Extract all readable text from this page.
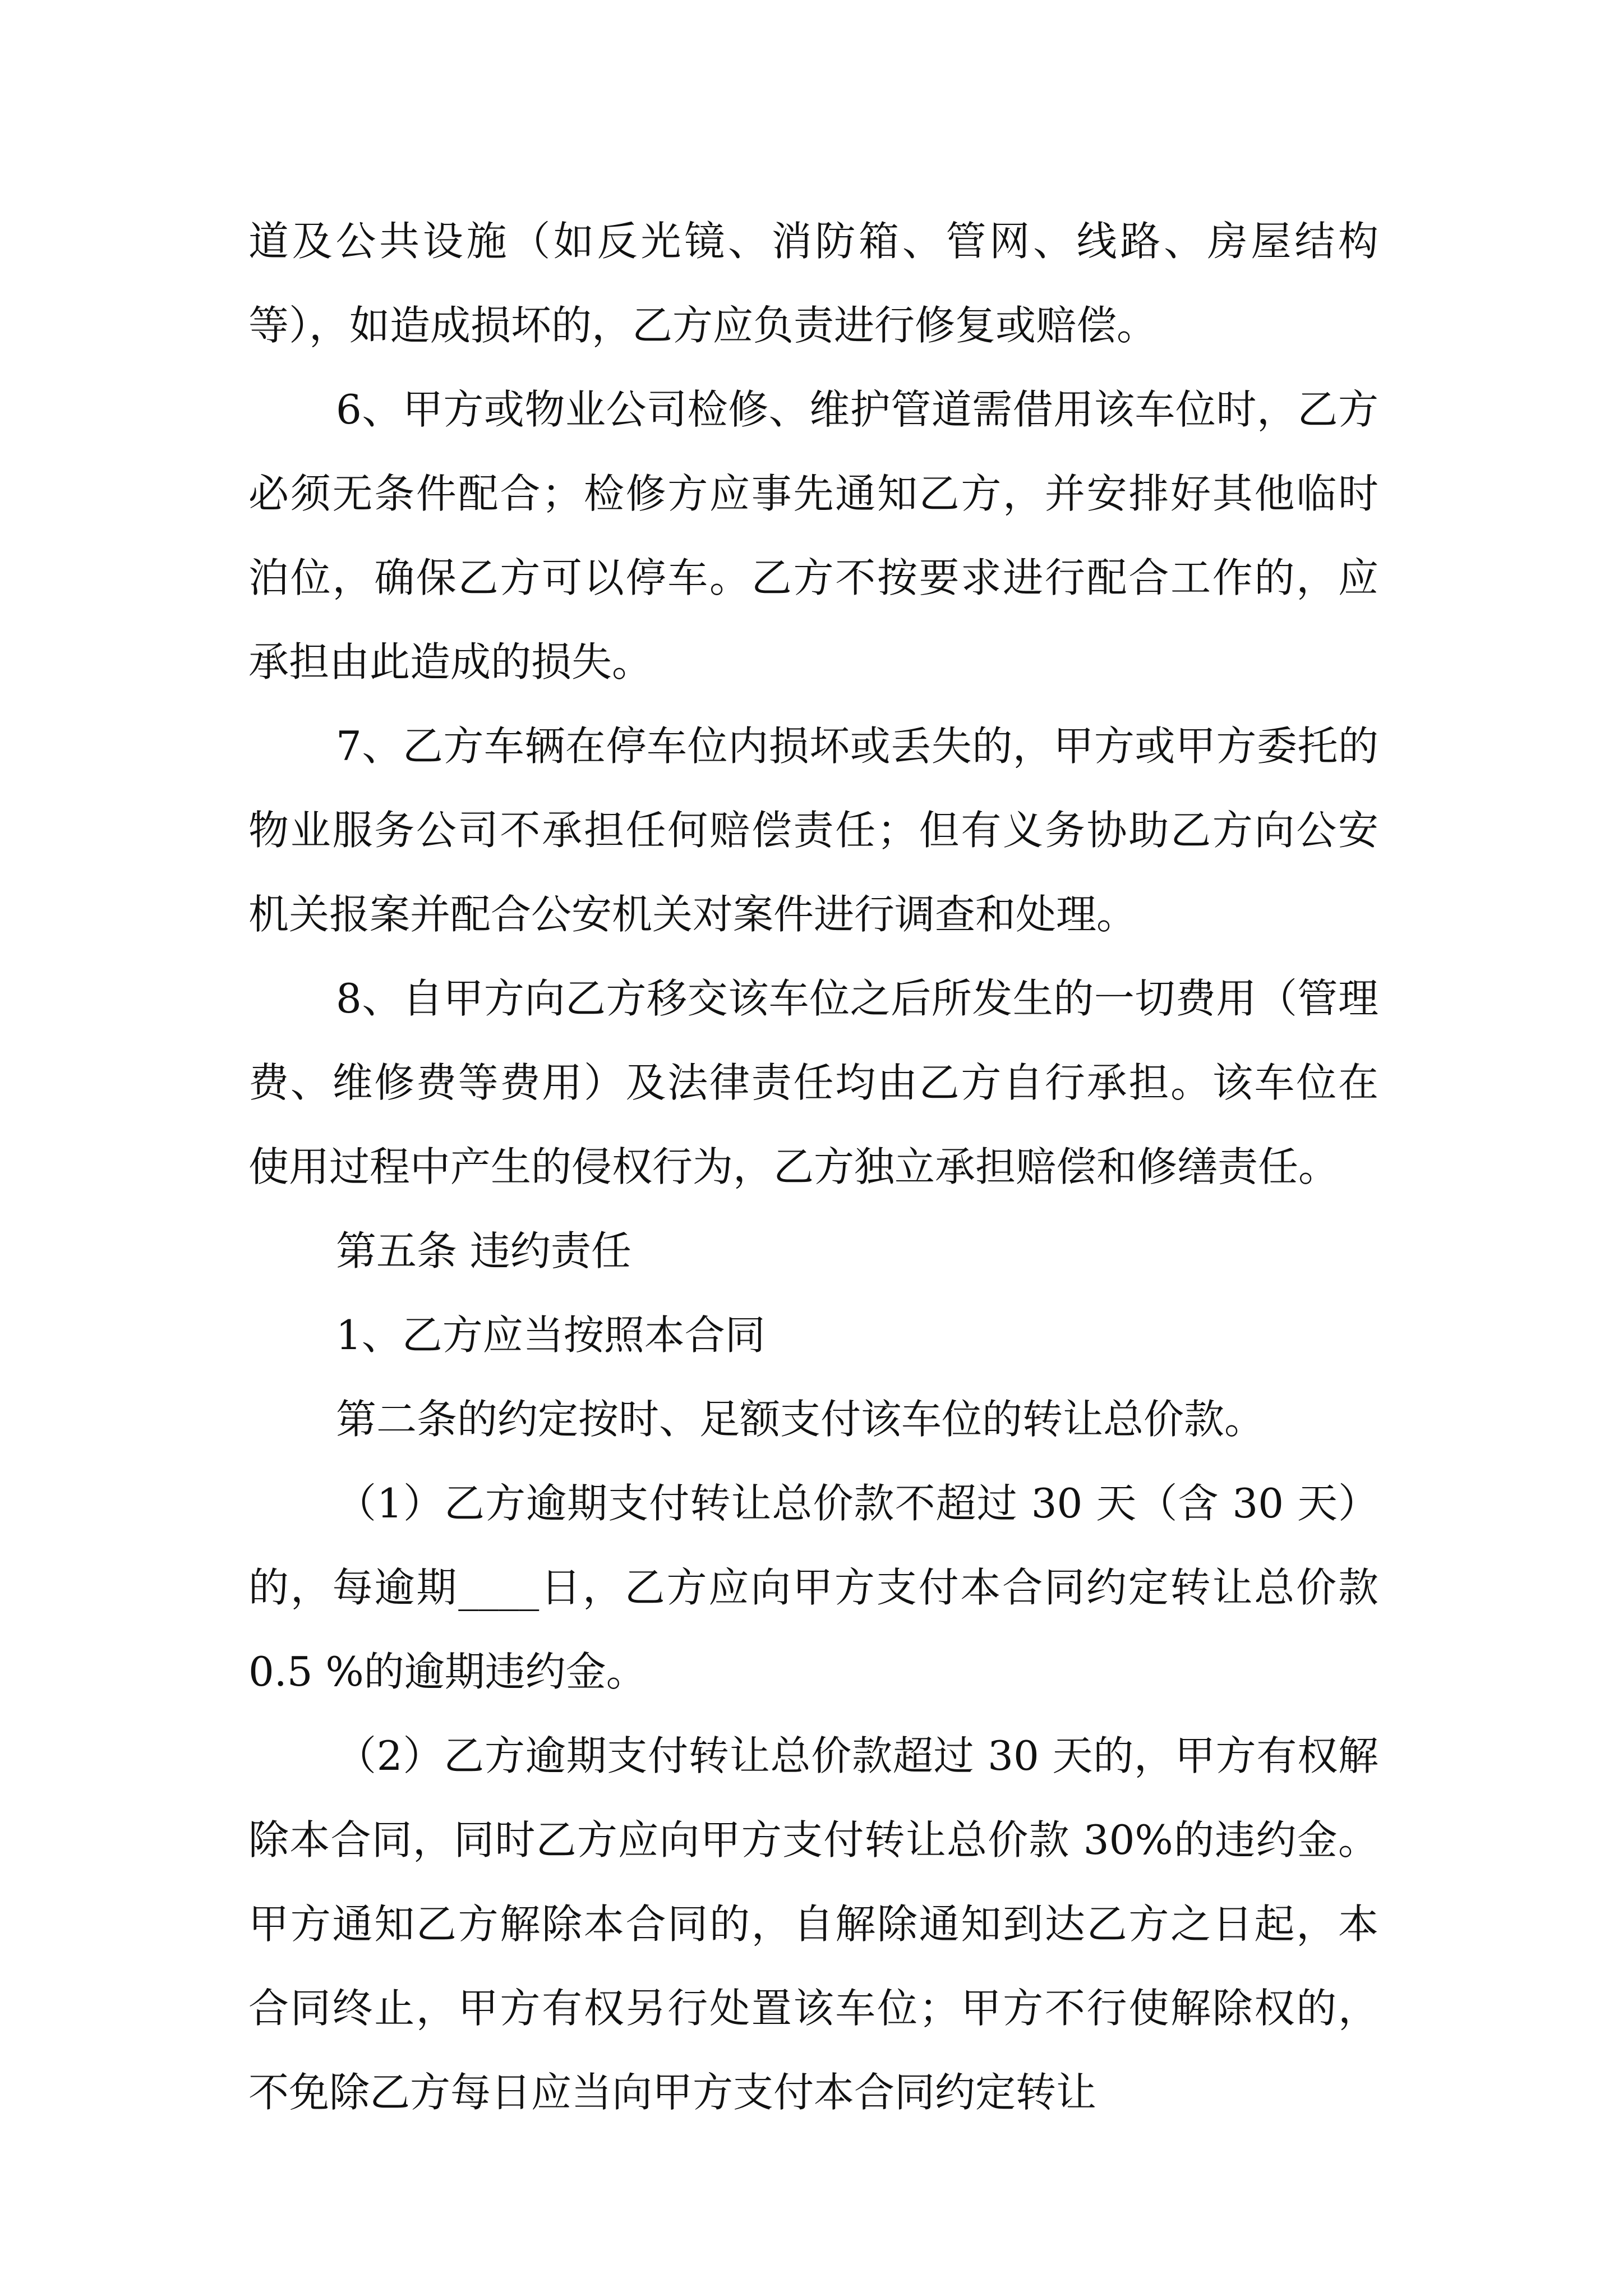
道及公共设施（如反光镜、消防箱、管网、线路、房屋结构等），如造成损坏的，乙方应负责进行修复或赔偿。

6、甲方或物业公司检修、维护管道需借用该车位时，乙方必须无条件配合；检修方应事先通知乙方，并安排好其他临时泊位，确保乙方可以停车。乙方不按要求进行配合工作的，应承担由此造成的损失。

7、乙方车辆在停车位内损坏或丢失的，甲方或甲方委托的物业服务公司不承担任何赔偿责任；但有义务协助乙方向公安机关报案并配合公安机关对案件进行调查和处理。

8、自甲方向乙方移交该车位之后所发生的一切费用（管理费、维修费等费用）及法律责任均由乙方自行承担。该车位在使用过程中产生的侵权行为，乙方独立承担赔偿和修缮责任。

第五条 违约责任

1、乙方应当按照本合同

第二条的约定按时、足额支付该车位的转让总价款。

（1）乙方逾期支付转让总价款不超过 30 天（含 30 天）的，每逾期____日，乙方应向甲方支付本合同约定转让总价款 0.5 %的逾期违约金。

（2）乙方逾期支付转让总价款超过 30 天的，甲方有权解除本合同，同时乙方应向甲方支付转让总价款 30%的违约金。甲方通知乙方解除本合同的，自解除通知到达乙方之日起，本合同终止，甲方有权另行处置该车位；甲方不行使解除权的，不免除乙方每日应当向甲方支付本合同约定转让
